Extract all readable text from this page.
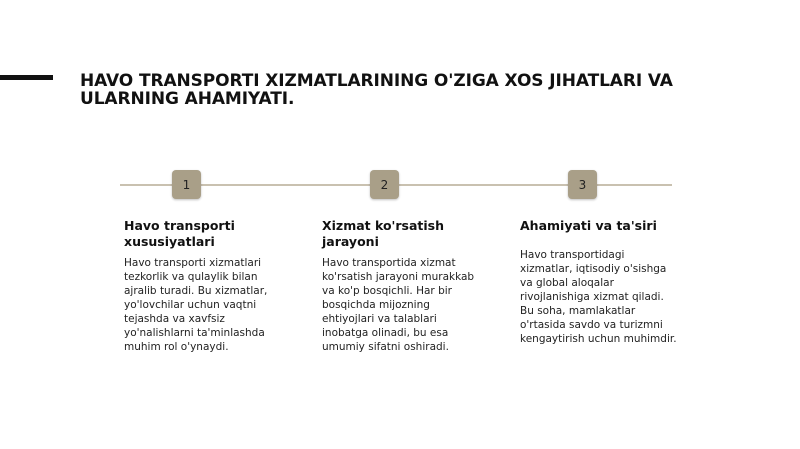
HAVO TRANSPORTI XIZMATLARINING O'ZIGA XOS JIHATLARI VA ULARNING AHAMIYATI.
1	2	3

Havo transporti xususiyatlari

Havo transporti xizmatlari tezkorlik va qulaylik bilan ajralib turadi. Bu xizmatlar, yo'lovchilar uchun vaqtni tejashda va xavfsiz yo'nalishlarni ta'minlashda muhim rol o'ynaydi.

Xizmat ko'rsatish jarayoni

Havo transportida xizmat ko'rsatish jarayoni murakkab va ko'p bosqichli. Har bir bosqichda mijozning ehtiyojlari va talablari inobatga olinadi, bu esa umumiy sifatni oshiradi.

Ahamiyati va ta'siri

Havo transportidagi xizmatlar, iqtisodiy o'sishga va global aloqalar rivojlanishiga xizmat qiladi. Bu soha, mamlakatlar o'rtasida savdo va turizmni kengaytirish uchun muhimdir.
